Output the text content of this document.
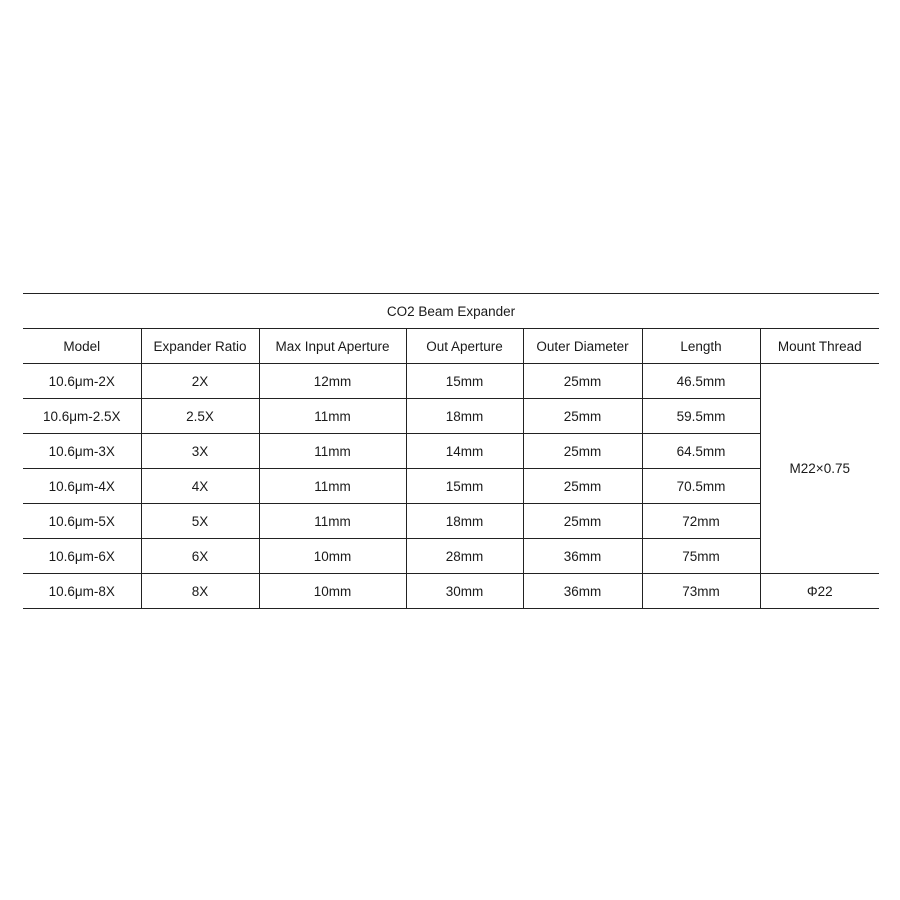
CO2 Beam Expander						
Model	Expander Ratio	Max Input Aperture	Out Aperture	Outer Diameter	Length	Mount Thread
10.6μm-2X	2X	12mm	15mm	25mm	46.5mm	M22×0.75
10.6μm-2.5X	2.5X	11mm	18mm	25mm	59.5mm	
10.6μm-3X	3X	11mm	14mm	25mm	64.5mm	
10.6μm-4X	4X	11mm	15mm	25mm	70.5mm	
10.6μm-5X	5X	11mm	18mm	25mm	72mm	
10.6μm-6X	6X	10mm	28mm	36mm	75mm	
10.6μm-8X	8X	10mm	30mm	36mm	73mm	Φ22
